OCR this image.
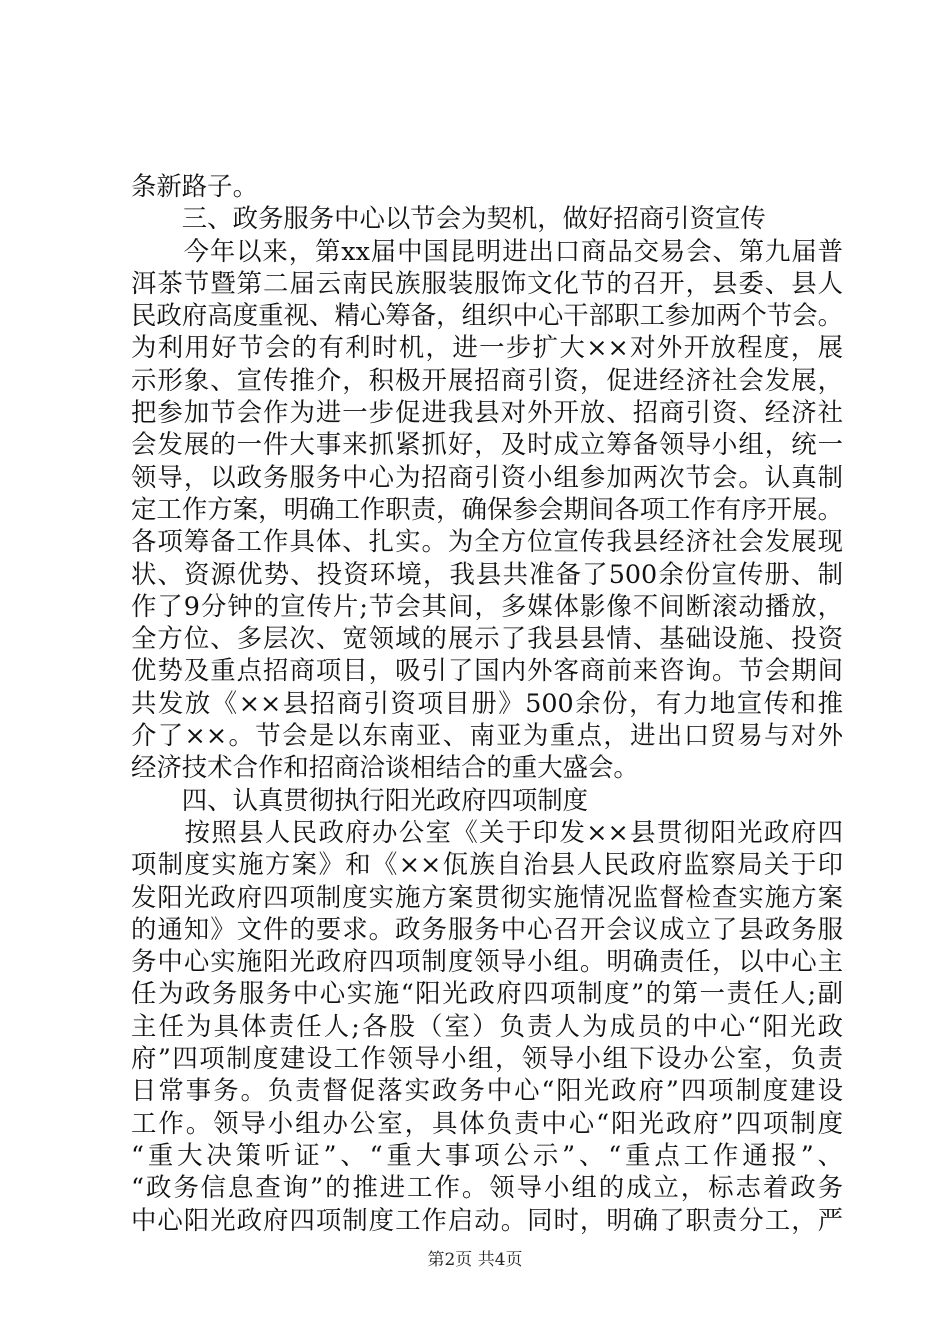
条新路子。
　　三、政务服务中心以节会为契机，做好招商引资宣传
　　今年以来，第xx届中国昆明进出口商品交易会、第九届普
洱茶节暨第二届云南民族服装服饰文化节的召开，县委、县人
民政府高度重视、精心筹备，组织中心干部职工参加两个节会。
为利用好节会的有利时机，进一步扩大××对外开放程度，展
示形象、宣传推介，积极开展招商引资，促进经济社会发展，
把参加节会作为进一步促进我县对外开放、招商引资、经济社
会发展的一件大事来抓紧抓好，及时成立筹备领导小组，统一
领导，以政务服务中心为招商引资小组参加两次节会。认真制
定工作方案，明确工作职责，确保参会期间各项工作有序开展。
各项筹备工作具体、扎实。为全方位宣传我县经济社会发展现
状、资源优势、投资环境，我县共准备了500余份宣传册、制
作了9分钟的宣传片;节会其间，多媒体影像不间断滚动播放，
全方位、多层次、宽领域的展示了我县县情、基础设施、投资
优势及重点招商项目，吸引了国内外客商前来咨询。节会期间
共发放《××县招商引资项目册》500余份，有力地宣传和推
介了××。节会是以东南亚、南亚为重点，进出口贸易与对外
经济技术合作和招商洽谈相结合的重大盛会。
　　四、认真贯彻执行阳光政府四项制度
　　按照县人民政府办公室《关于印发××县贯彻阳光政府四
项制度实施方案》和《××佤族自治县人民政府监察局关于印
发阳光政府四项制度实施方案贯彻实施情况监督检查实施方案
的通知》文件的要求。政务服务中心召开会议成立了县政务服
务中心实施阳光政府四项制度领导小组。明确责任，以中心主
任为政务服务中心实施“阳光政府四项制度”的第一责任人;副
主任为具体责任人;各股（室）负责人为成员的中心“阳光政
府”四项制度建设工作领导小组，领导小组下设办公室，负责
日常事务。负责督促落实政务中心“阳光政府”四项制度建设
工作。领导小组办公室，具体负责中心“阳光政府”四项制度
“重大决策听证”、“重大事项公示”、“重点工作通报”、
“政务信息查询”的推进工作。领导小组的成立，标志着政务
中心阳光政府四项制度工作启动。同时，明确了职责分工，严
第2页 共4页
